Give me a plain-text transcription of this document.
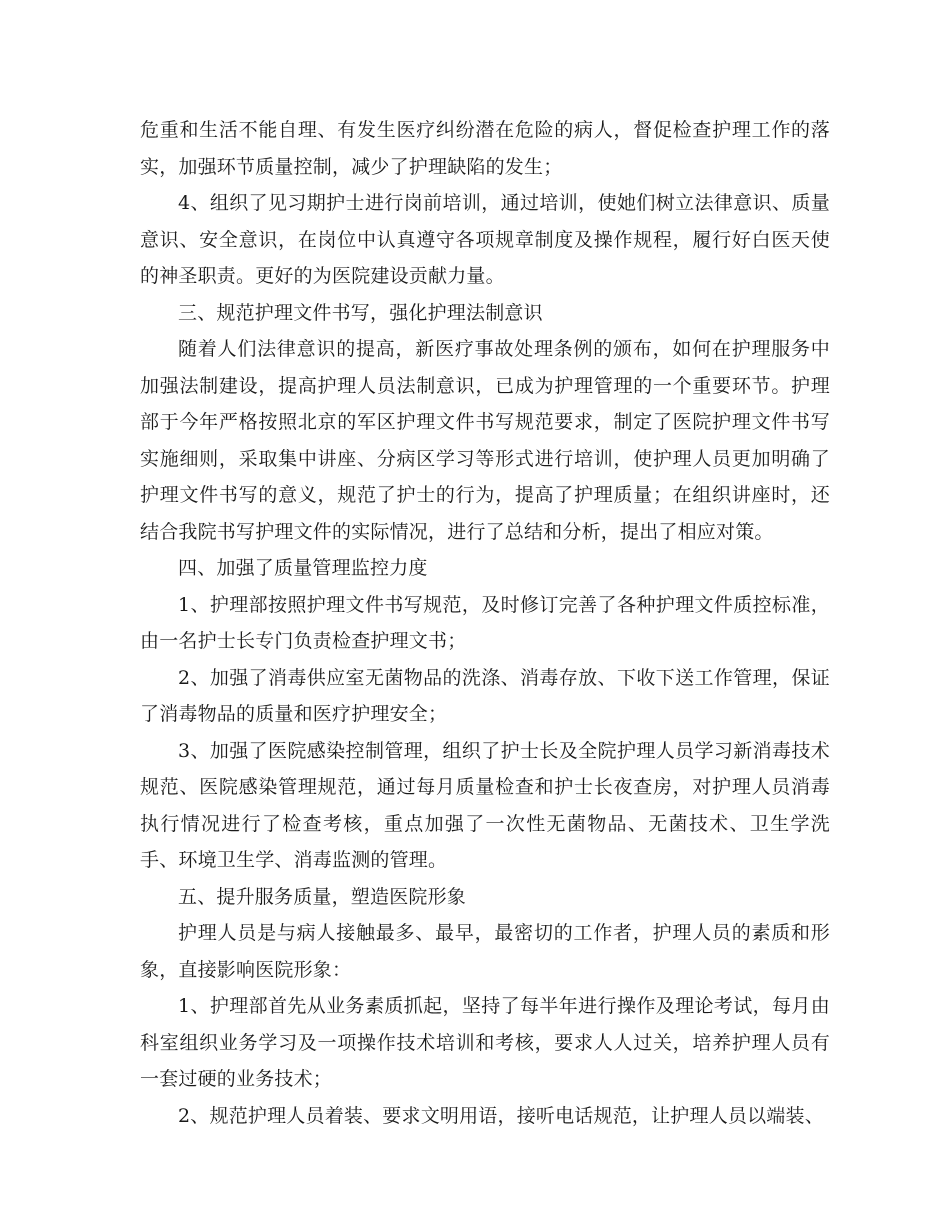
危重和生活不能自理、有发生医疗纠纷潜在危险的病人，督促检查护理工作的落实，加强环节质量控制，减少了护理缺陷的发生；

4、组织了见习期护士进行岗前培训，通过培训，使她们树立法律意识、质量意识、安全意识，在岗位中认真遵守各项规章制度及操作规程，履行好白医天使的神圣职责。更好的为医院建设贡献力量。

三、规范护理文件书写，强化护理法制意识

随着人们法律意识的提高，新医疗事故处理条例的颁布，如何在护理服务中加强法制建设，提高护理人员法制意识，已成为护理管理的一个重要环节。护理部于今年严格按照北京的军区护理文件书写规范要求，制定了医院护理文件书写实施细则，采取集中讲座、分病区学习等形式进行培训，使护理人员更加明确了护理文件书写的意义，规范了护士的行为，提高了护理质量；在组织讲座时，还结合我院书写护理文件的实际情况，进行了总结和分析，提出了相应对策。

四、加强了质量管理监控力度

1、护理部按照护理文件书写规范，及时修订完善了各种护理文件质控标准，由一名护士长专门负责检查护理文书；

2、加强了消毒供应室无菌物品的洗涤、消毒存放、下收下送工作管理，保证了消毒物品的质量和医疗护理安全；

3、加强了医院感染控制管理，组织了护士长及全院护理人员学习新消毒技术规范、医院感染管理规范，通过每月质量检查和护士长夜查房，对护理人员消毒执行情况进行了检查考核，重点加强了一次性无菌物品、无菌技术、卫生学洗手、环境卫生学、消毒监测的管理。

五、提升服务质量，塑造医院形象

护理人员是与病人接触最多、最早，最密切的工作者，护理人员的素质和形象，直接影响医院形象：

1、护理部首先从业务素质抓起，坚持了每半年进行操作及理论考试，每月由科室组织业务学习及一项操作技术培训和考核，要求人人过关，培养护理人员有一套过硬的业务技术；

2、规范护理人员着装、要求文明用语，接听电话规范，让护理人员以端装、
